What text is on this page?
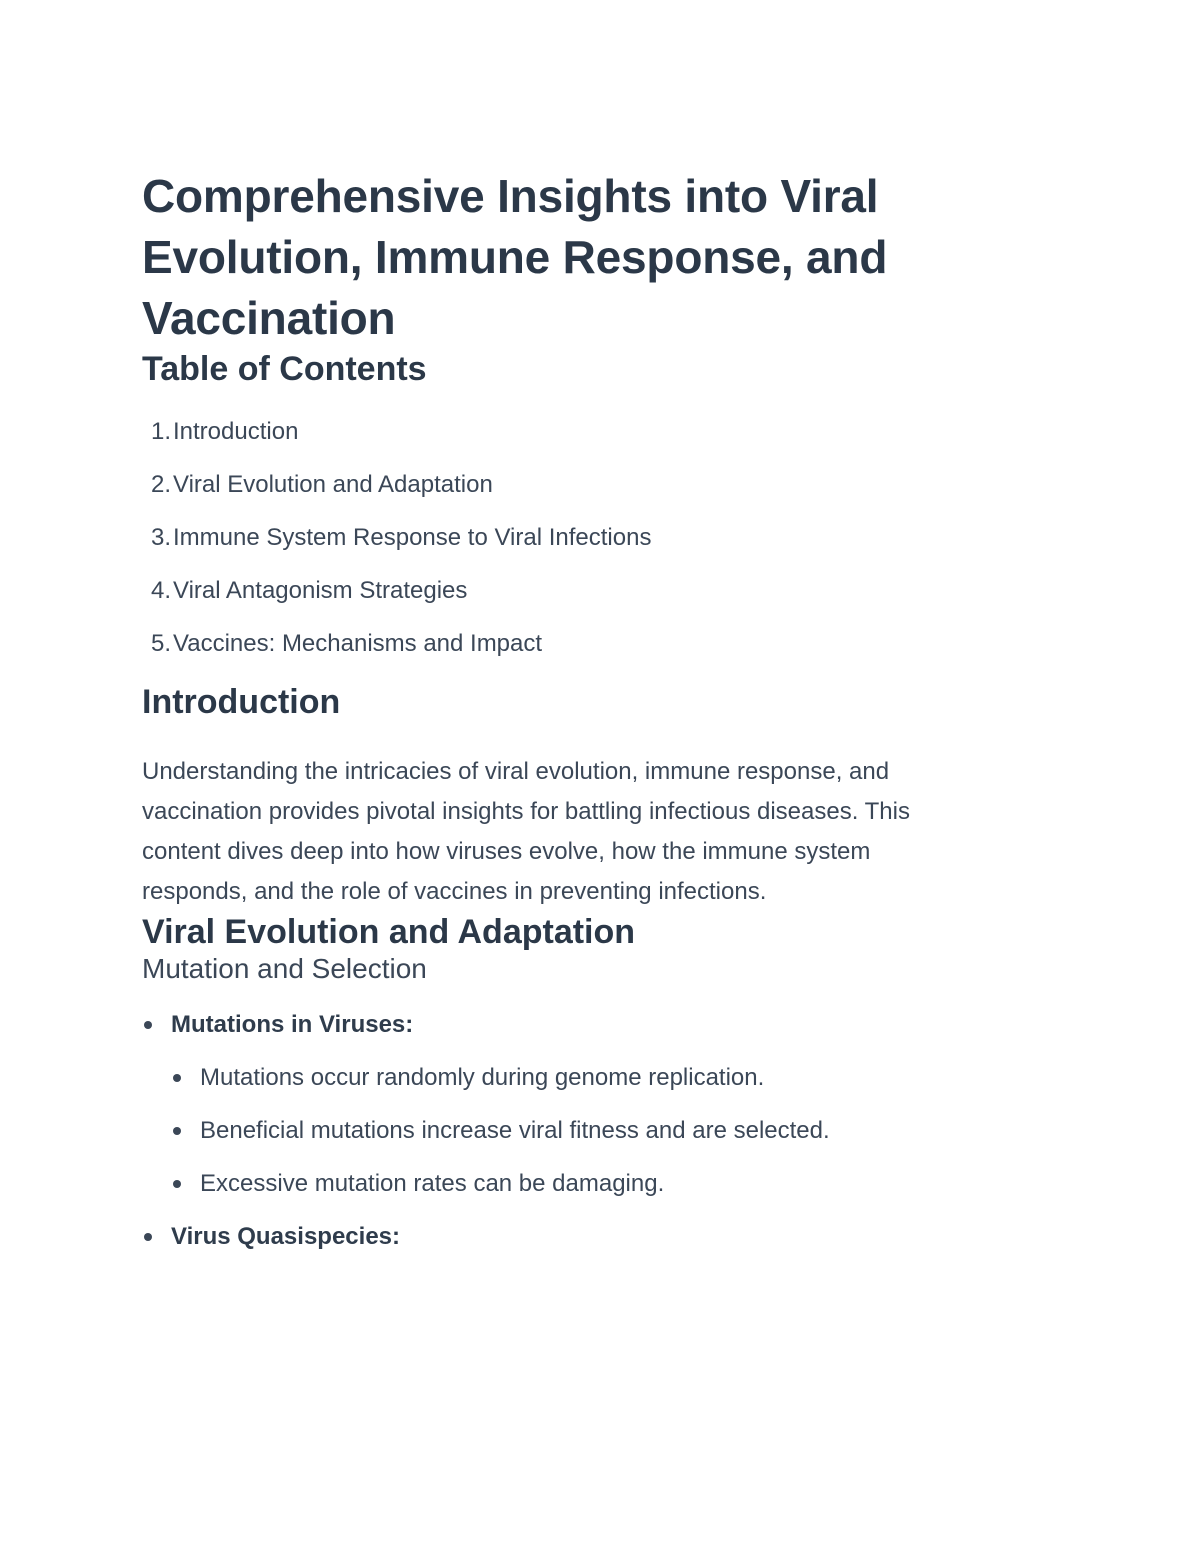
Comprehensive Insights into Viral
Evolution, Immune Response, and
Vaccination
Table of Contents
1. Introduction
2. Viral Evolution and Adaptation
3. Immune System Response to Viral Infections
4. Viral Antagonism Strategies
5. Vaccines: Mechanisms and Impact
Introduction

Understanding the intricacies of viral evolution, immune response, and
vaccination provides pivotal insights for battling infectious diseases. This
content dives deep into how viruses evolve, how the immune system
responds, and the role of vaccines in preventing infections.

Viral Evolution and Adaptation
Mutation and Selection
Mutations in Viruses:
Mutations occur randomly during genome replication.
Beneficial mutations increase viral fitness and are selected.
Excessive mutation rates can be damaging.
Virus Quasispecies:
